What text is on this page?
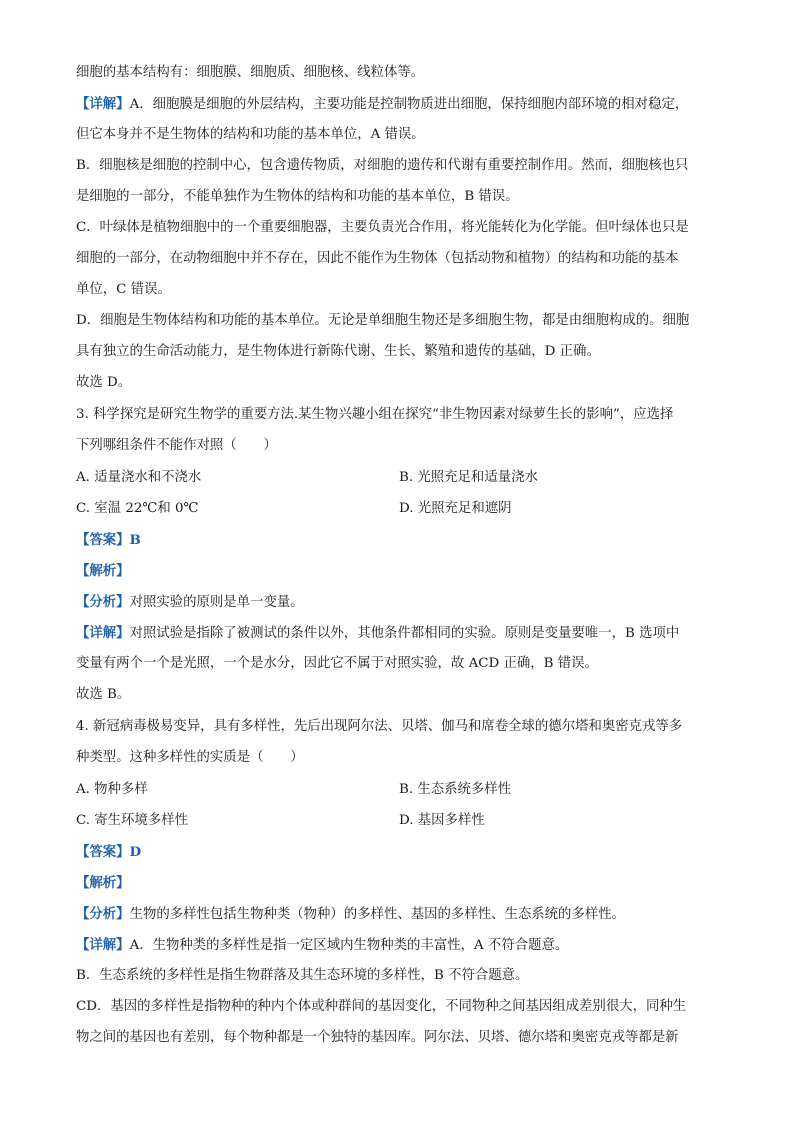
细胞的基本结构有：细胞膜、细胞质、细胞核、线粒体等。
【详解】A．细胞膜是细胞的外层结构，主要功能是控制物质进出细胞，保持细胞内部环境的相对稳定，
但它本身并不是生物体的结构和功能的基本单位，A 错误。
B．细胞核是细胞的控制中心，包含遗传物质，对细胞的遗传和代谢有重要控制作用。然而，细胞核也只
是细胞的一部分，不能单独作为生物体的结构和功能的基本单位，B 错误。
C．叶绿体是植物细胞中的一个重要细胞器，主要负责光合作用，将光能转化为化学能。但叶绿体也只是
细胞的一部分，在动物细胞中并不存在，因此不能作为生物体（包括动物和植物）的结构和功能的基本
单位，C 错误。
D．细胞是生物体结构和功能的基本单位。无论是单细胞生物还是多细胞生物，都是由细胞构成的。细胞
具有独立的生命活动能力，是生物体进行新陈代谢、生长、繁殖和遗传的基础，D 正确。
故选 D。
3. 科学探究是研究生物学的重要方法.某生物兴趣小组在探究“非生物因素对绿萝生长的影响”，应选择
下列哪组条件不能作对照（　　）
A. 适量浇水和不浇水	B. 光照充足和适量浇水
C. 室温 22℃和 0℃	D. 光照充足和遮阴
【答案】B
【解析】
【分析】对照实验的原则是单一变量。
【详解】对照试验是指除了被测试的条件以外，其他条件都相同的实验。原则是变量要唯一，B 选项中
变量有两个一个是光照，一个是水分，因此它不属于对照实验，故 ACD 正确，B 错误。
故选 B。
4. 新冠病毒极易变异，具有多样性，先后出现阿尔法、贝塔、伽马和席卷全球的德尔塔和奥密克戎等多
种类型。这种多样性的实质是（　　）
A. 物种多样	B. 生态系统多样性
C. 寄生环境多样性	D. 基因多样性
【答案】D
【解析】
【分析】生物的多样性包括生物种类（物种）的多样性、基因的多样性、生态系统的多样性。
【详解】A．生物种类的多样性是指一定区域内生物种类的丰富性，A 不符合题意。
B．生态系统的多样性是指生物群落及其生态环境的多样性，B 不符合题意。
CD．基因的多样性是指物种的种内个体或种群间的基因变化，不同物种之间基因组成差别很大，同种生
物之间的基因也有差别，每个物种都是一个独特的基因库。阿尔法、贝塔、德尔塔和奥密克戎等都是新
